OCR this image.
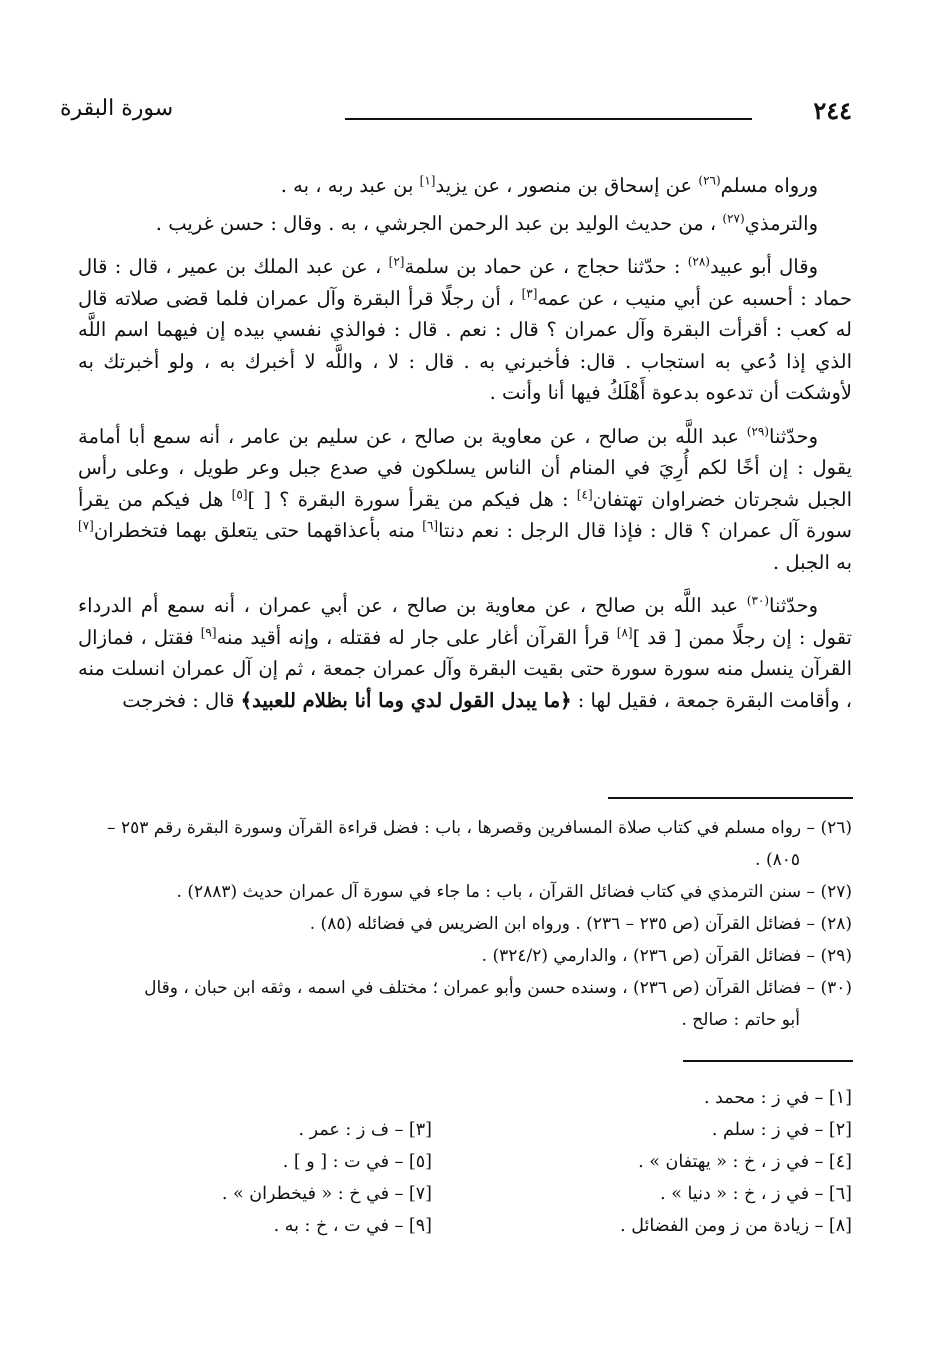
٢٤٤
سورة البقرة

ورواه مسلم$^{(٢٦)}$ عن إسحاق بن منصور ، عن يزيد[١] بن عبد ربه ، به .

والترمذي$^{(٢٧)}$ ، من حديث الوليد بن عبد الرحمن الجرشي ، به . وقال : حسن غريب .

وقال أبو عبيد$^{(٢٨)}$ : حدّثنا حجاج ، عن حماد بن سلمة[٢] ، عن عبد الملك بن عمير ، قال : قال حماد : أحسبه عن أبي منيب ، عن عمه[٣] ، أن رجلًا قرأ البقرة وآل عمران فلما قضى صلاته قال له كعب : أقرأت البقرة وآل عمران ؟ قال : نعم . قال : فوالذي نفسي بيده إن فيهما اسم اللَّه الذي إذا دُعي به استجاب . قال: فأخبرني به . قال : لا ، واللَّه لا أخبرك به ، ولو أخبرتك به لأوشكت أن تدعوه بدعوة أَهْلَكُ فيها أنا وأنت .

وحدّثنا$^{(٢٩)}$ عبد اللَّه بن صالح ، عن معاوية بن صالح ، عن سليم بن عامر ، أنه سمع أبا أمامة يقول : إن أخًا لكم أُرِيَ في المنام أن الناس يسلكون في صدع جبل وعر طويل ، وعلى رأس الجبل شجرتان خضراوان تهتفان[٤] : هل فيكم من يقرأ سورة البقرة ؟ [ ][٥] هل فيكم من يقرأ سورة آل عمران ؟ قال : فإذا قال الرجل : نعم دنتا[٦] منه بأعذاقهما حتى يتعلق بهما فتخطران[٧] به الجبل .

وحدّثنا$^{(٣٠)}$ عبد اللَّه بن صالح ، عن معاوية بن صالح ، عن أبي عمران ، أنه سمع أم الدرداء تقول : إن رجلًا ممن [ قد ][٨] قرأ القرآن أغار على جار له فقتله ، وإنه أقيد منه[٩] فقتل ، فمازال القرآن ينسل منه سورة سورة حتى بقيت البقرة وآل عمران جمعة ، ثم إن آل عمران انسلت منه ، وأقامت البقرة جمعة ، فقيل لها : ﴿ما يبدل القول لدي وما أنا بظلام للعبيد﴾ قال : فخرجت

(٢٦) – رواه مسلم في كتاب صلاة المسافرين وقصرها ، باب : فضل قراءة القرآن وسورة البقرة رقم ٢٥٣ –
٨٠٥) .

(٢٧) – سنن الترمذي في كتاب فضائل القرآن ، باب : ما جاء في سورة آل عمران حديث (٢٨٨٣) .

(٢٨) – فضائل القرآن (ص ٢٣٥ – ٢٣٦) . ورواه ابن الضريس في فضائله (٨٥) .

(٢٩) – فضائل القرآن (ص ٢٣٦) ، والدارمي (٣٢٤/٢) .

(٣٠) – فضائل القرآن (ص ٢٣٦) ، وسنده حسن وأبو عمران ؛ مختلف في اسمه ، وثقه ابن حبان ، وقال
أبو حاتم : صالح .

[١] – في ز : محمد .
[٢] – في ز : سلم .
[٣] – ف ز : عمر .
[٤] – في ز ، خ : « يهتفان » .
[٥] – في ت : [ و ] .
[٦] – في ز ، خ : « دنيا » .
[٧] – في خ : « فيخطران » .
[٨] – زيادة من ز ومن الفضائل .
[٩] – في ت ، خ : به .
